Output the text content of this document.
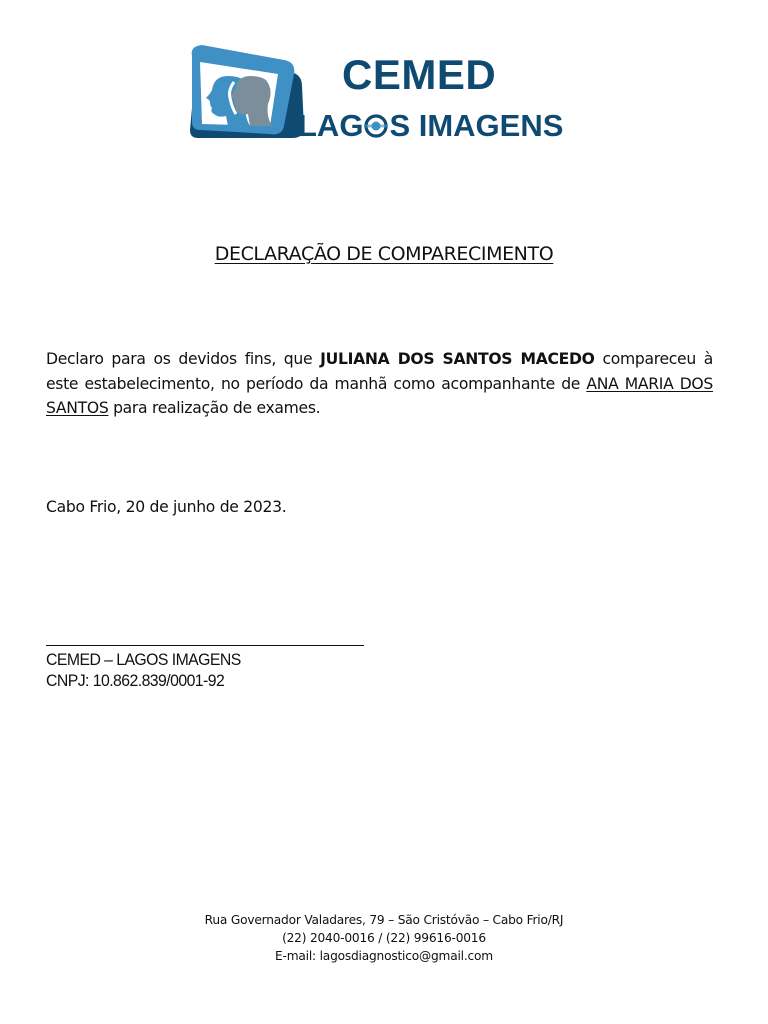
CEMED
LAG S IMAGENS
DECLARAÇÃO DE COMPARECIMENTO
Declaro para os devidos fins, que JULIANA DOS SANTOS MACEDO compareceu à este estabelecimento, no período da manhã como acompanhante de ANA MARIA DOS SANTOS para realização de exames.
Cabo Frio, 20 de junho de 2023.
CEMED – LAGOS IMAGENS
CNPJ: 10.862.839/0001-92
Rua Governador Valadares, 79 – São Cristóvão – Cabo Frio/RJ
(22) 2040-0016 / (22) 99616-0016
E-mail: lagosdiagnostico@gmail.com
